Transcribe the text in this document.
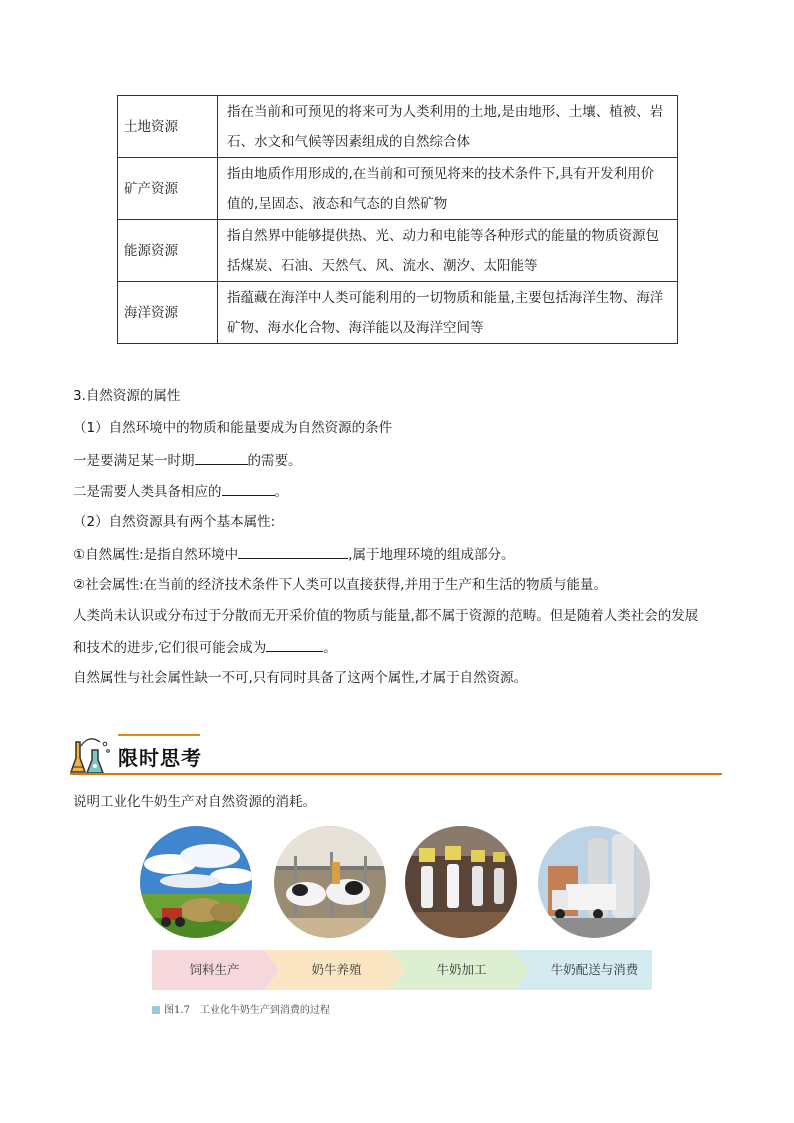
土地资源	指在当前和可预见的将来可为人类利用的土地,是由地形、土壤、植被、岩
石、水文和气候等因素组成的自然综合体

矿产资源	指由地质作用形成的,在当前和可预见将来的技术条件下,具有开发利用价
值的,呈固态、液态和气态的自然矿物

能源资源	指自然界中能够提供热、光、动力和电能等各种形式的能量的物质资源包
括煤炭、石油、天然气、风、流水、潮汐、太阳能等

海洋资源	指蕴藏在海洋中人类可能利用的一切物质和能量,主要包括海洋生物、海洋
矿物、海水化合物、海洋能以及海洋空间等
3.自然资源的属性
（1）自然环境中的物质和能量要成为自然资源的条件
一是要满足某一时期	的需要。
二是需要人类具备相应的	。
（2）自然资源具有两个基本属性:
①自然属性:是指自然环境中	,属于地理环境的组成部分。
②社会属性:在当前的经济技术条件下人类可以直接获得,并用于生产和生活的物质与能量。
人类尚未认识或分布过于分散而无开采价值的物质与能量,都不属于资源的范畴。但是随着人类社会的发展
和技术的进步,它们很可能会成为	。
自然属性与社会属性缺一不可,只有同时具备了这两个属性,才属于自然资源。
限时思考
说明工业化牛奶生产对自然资源的消耗。
饲料生产	奶牛养殖	牛奶加工	牛奶配送与消费
图1.7　工业化牛奶生产到消费的过程
